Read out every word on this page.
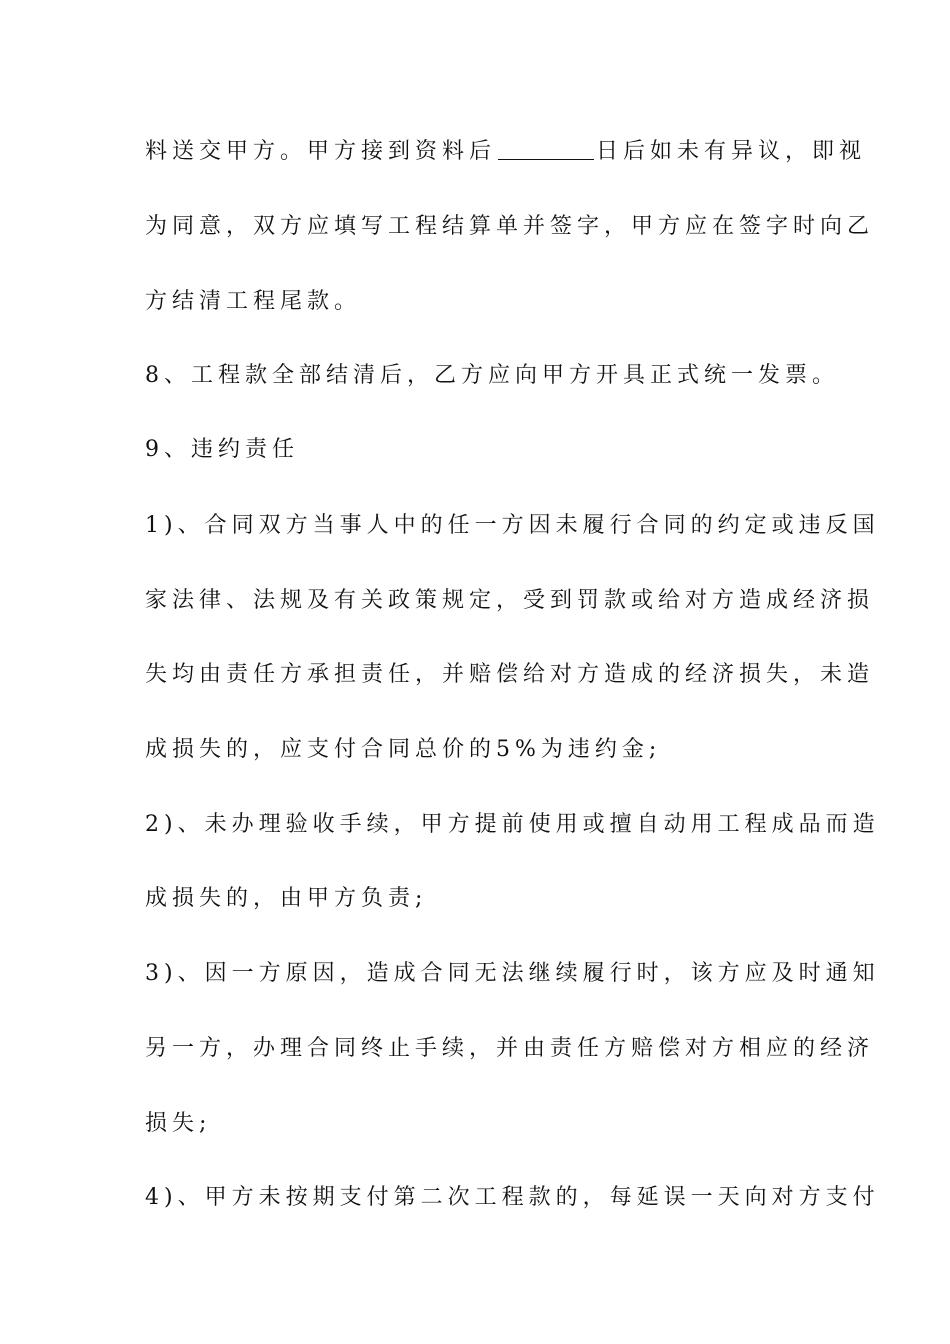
料送交甲方。甲方接到资料后	日后如未有异议，即视
为同意，双方应填写工程结算单并签字，甲方应在签字时向乙
方结清工程尾款。
8、工程款全部结清后，乙方应向甲方开具正式统一发票。
9、违约责任
1)、合同双方当事人中的任一方因未履行合同的约定或违反国
家法律、法规及有关政策规定，受到罚款或给对方造成经济损
失均由责任方承担责任，并赔偿给对方造成的经济损失，未造
成损失的，应支付合同总价的5%为违约金;
2)、未办理验收手续，甲方提前使用或擅自动用工程成品而造
成损失的，由甲方负责;
3)、因一方原因，造成合同无法继续履行时，该方应及时通知
另一方，办理合同终止手续，并由责任方赔偿对方相应的经济
损失;
4)、甲方未按期支付第二次工程款的，每延误一天向对方支付
